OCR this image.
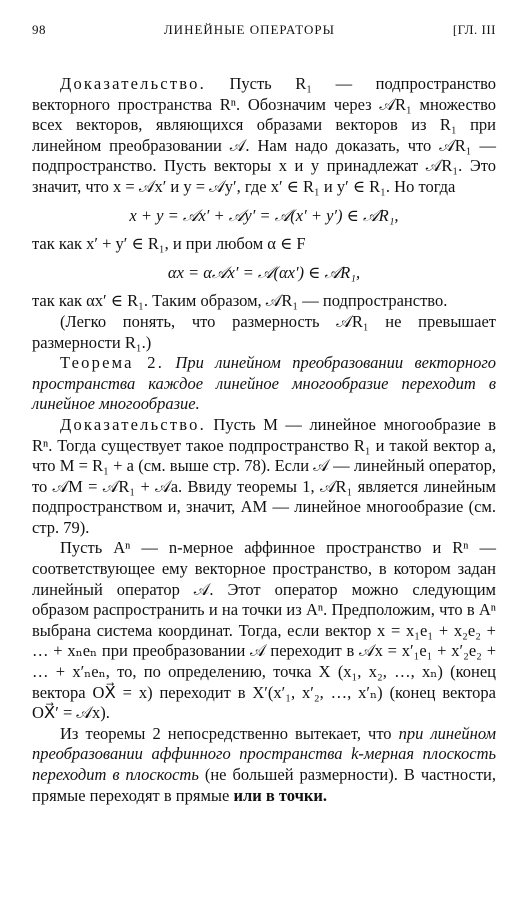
98	ЛИНЕЙНЫЕ ОПЕРАТОРЫ	[ГЛ. III

Доказательство. Пусть R₁ — подпространство векторного пространства Rⁿ. Обозначим через 𝒜R₁ множество всех векторов, являющихся образами векторов из R₁ при линейном преобразовании 𝒜. Нам надо доказать, что 𝒜R₁ — подпространство. Пусть векторы x и y принадлежат 𝒜R₁. Это значит, что x = 𝒜x′ и y = 𝒜y′, где x′ ∈ R₁ и y′ ∈ R₁. Но тогда

x + y = 𝒜x′ + 𝒜y′ = 𝒜(x′ + y′) ∈ 𝒜R₁,

так как x′ + y′ ∈ R₁, и при любом α ∈ F

αx = α𝒜x′ = 𝒜(αx′) ∈ 𝒜R₁,

так как αx′ ∈ R₁. Таким образом, 𝒜R₁ — подпространство.

(Легко понять, что размерность 𝒜R₁ не превышает размерности R₁.)

Теорема 2. При линейном преобразовании векторного пространства каждое линейное многообразие переходит в линейное многообразие.

Доказательство. Пусть M — линейное многообразие в Rⁿ. Тогда существует такое подпространство R₁ и такой вектор a, что M = R₁ + a (см. выше стр. 78). Если 𝒜 — линейный оператор, то 𝒜M = 𝒜R₁ + 𝒜a. Ввиду теоремы 1, 𝒜R₁ является линейным подпространством и, значит, AM — линейное многообразие (см. стр. 79).

Пусть Aⁿ — n-мерное аффинное пространство и Rⁿ — соответствующее ему векторное пространство, в котором задан линейный оператор 𝒜. Этот оператор можно следующим образом распространить и на точки из Aⁿ. Предположим, что в Aⁿ выбрана система координат. Тогда, если вектор x = x₁e₁ + x₂e₂ + … + xₙeₙ при преобразовании 𝒜 переходит в 𝒜x = x′₁e₁ + x′₂e₂ + … + x′ₙeₙ, то, по определению, точка X (x₁, x₂, …, xₙ) (конец вектора OX⃗ = x) переходит в X′(x′₁, x′₂, …, x′ₙ) (конец вектора OX⃗′ = 𝒜x).

Из теоремы 2 непосредственно вытекает, что при линейном преобразовании аффинного пространства k-мерная плоскость переходит в плоскость (не большей размерности). В частности, прямые переходят в прямые или в точки.
